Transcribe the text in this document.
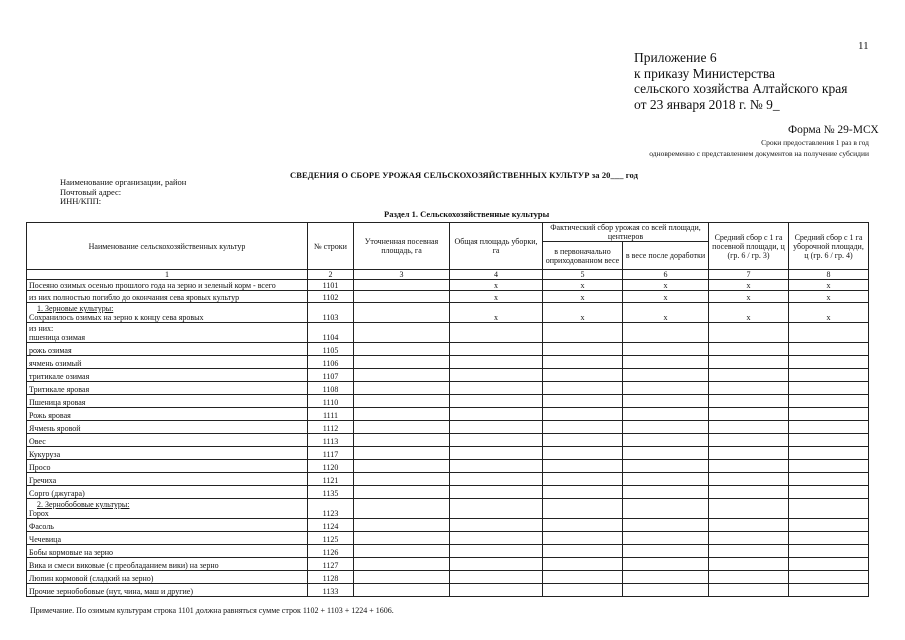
11
Приложение 6
к приказу Министерства
сельского хозяйства Алтайского края
от 23 января 2018 г. № 9_
Форма № 29-МСХ
Сроки предоставления 1 раз в год
одновременно с представлением документов на получение субсидии
СВЕДЕНИЯ О СБОРЕ УРОЖАЯ СЕЛЬСКОХОЗЯЙСТВЕННЫХ КУЛЬТУР за 20___ год
Наименование организации, район
Почтовый адрес:
ИНН/КПП:
Раздел 1. Сельскохозяйственные культуры
Наименование сельскохозяйственных культур	№ строки	Уточненная посевная площадь, га	Общая площадь уборки, га	Фактический сбор урожая со всей площади, центнеров		Средний сбор с 1 га посевной площади, ц (гр. 6 / гр. 3)	Средний сбор с 1 га уборочной площади, ц (гр. 6 / гр. 4)
				в первоначально оприходованном весе	в весе после доработки		
1	2	3	4	5	6	7	8

Посеяно озимых осенью прошлого года на зерно и зеленый корм - всего	1101		x	x	x	x	x

из них полностью погибло до окончания сева яровых культур	1102		x	x	x	x	x

1. Зерновые культуры:
Сохранилось озимых на зерно к концу сева яровых	1103		x	x	x	x	x

из них:
пшеница озимая	1104						

рожь озимая	1105						

ячмень озимый	1106						

тритикале озимая	1107						

Тритикале яровая	1108						

Пшеница яровая	1110						

Рожь яровая	1111						

Ячмень яровой	1112						

Овес	1113						

Кукуруза	1117						

Просо	1120						

Гречиха	1121						

Сорго (джугара)	1135						

2. Зернобобовые культуры:
Горох	1123						

Фасоль	1124						

Чечевица	1125						

Бобы кормовые на зерно	1126						

Вика и смеси виковые (с преобладанием вики) на зерно	1127						

Люпин кормовой (сладкий на зерно)	1128						

Прочие зернобобовые (нут, чина, маш и другие)	1133						
Примечание. По озимым культурам строка 1101 должна равняться сумме строк 1102 + 1103 + 1224 + 1606.
